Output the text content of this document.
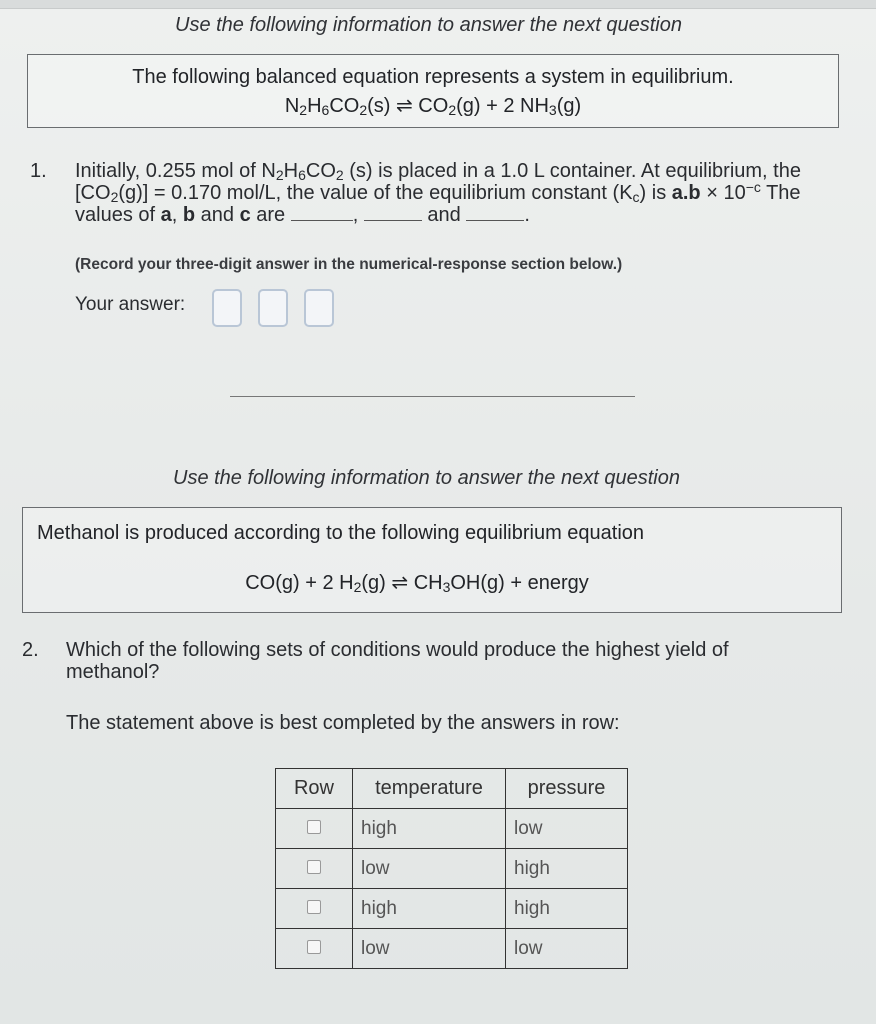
Use the following information to answer the next question
The following balanced equation represents a system in equilibrium.
$N_2H_6CO_2(s)$ ⇌ $CO_2(g) + 2$ $NH_3(g)$
1. Initially, 0.255 mol of $N_2H_6CO_2$ (s) is placed in a 1.0 L container. At equilibrium, the
$[CO_2(g)] = 0.170$ mol/L, the value of the equilibrium constant $(K_c)$ is $a.b \times 10^{-c}$ The
values of a, b and c are	,	and	.
(Record your three-digit answer in the numerical-response section below.)
Your answer:
Use the following information to answer the next question
Methanol is produced according to the following equilibrium equation
CO(g) + 2 $H_2(g)$ ⇌ $CH_3OH(g)$ + energy
2. Which of the following sets of conditions would produce the highest yield of
methanol?
The statement above is best completed by the answers in row:
Row	temperature	pressure
	high	low
	low	high
	high	high
	low	low
